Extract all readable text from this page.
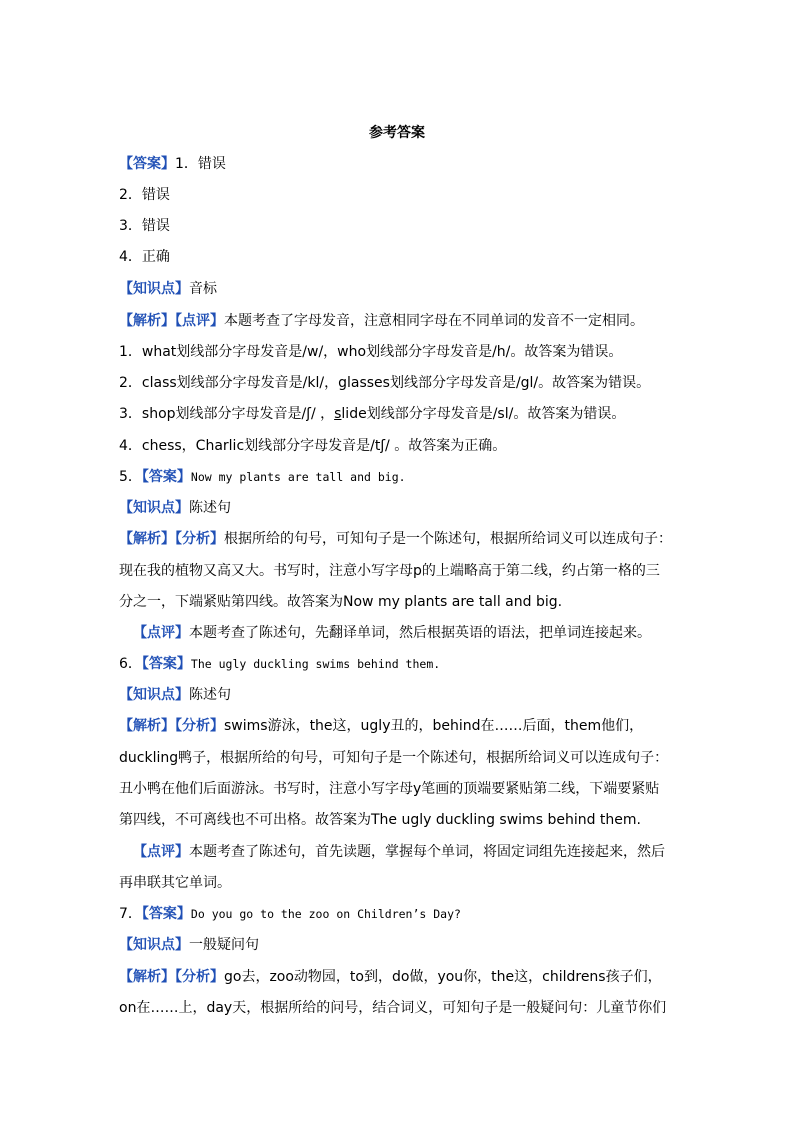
参考答案
【答案】1．错误
2．错误
3．错误
4．正确
【知识点】音标
【解析】【点评】本题考查了字母发音，注意相同字母在不同单词的发音不一定相同。
1．what划线部分字母发音是/w/，who划线部分字母发音是/h/。故答案为错误。
2．class划线部分字母发音是/kl/，glasses划线部分字母发音是/gl/。故答案为错误。
3．shop划线部分字母发音是/ʃ/ ，slide划线部分字母发音是/sl/。故答案为错误。
4．chess，Charlic划线部分字母发音是/tʃ/ 。故答案为正确。
5．【答案】Now my plants are tall and big.
【知识点】陈述句
【解析】【分析】根据所给的句号，可知句子是一个陈述句，根据所给词义可以连成句子：
现在我的植物又高又大。书写时，注意小写字母p的上端略高于第二线，约占第一格的三
分之一，下端紧贴第四线。故答案为Now my plants are tall and big.
【点评】本题考查了陈述句，先翻译单词，然后根据英语的语法，把单词连接起来。
6．【答案】The ugly duckling swims behind them.
【知识点】陈述句
【解析】【分析】swims游泳，the这，ugly丑的，behind在……后面，them他们，
duckling鸭子，根据所给的句号，可知句子是一个陈述句，根据所给词义可以连成句子：
丑小鸭在他们后面游泳。书写时，注意小写字母y笔画的顶端要紧贴第二线，下端要紧贴
第四线，不可离线也不可出格。故答案为The ugly duckling swims behind them.
【点评】本题考查了陈述句，首先读题，掌握每个单词，将固定词组先连接起来，然后
再串联其它单词。
7．【答案】Do you go to the zoo on Children’s Day?
【知识点】一般疑问句
【解析】【分析】go去，zoo动物园，to到，do做，you你，the这，childrens孩子们，
on在……上，day天，根据所给的问号，结合词义，可知句子是一般疑问句：儿童节你们
